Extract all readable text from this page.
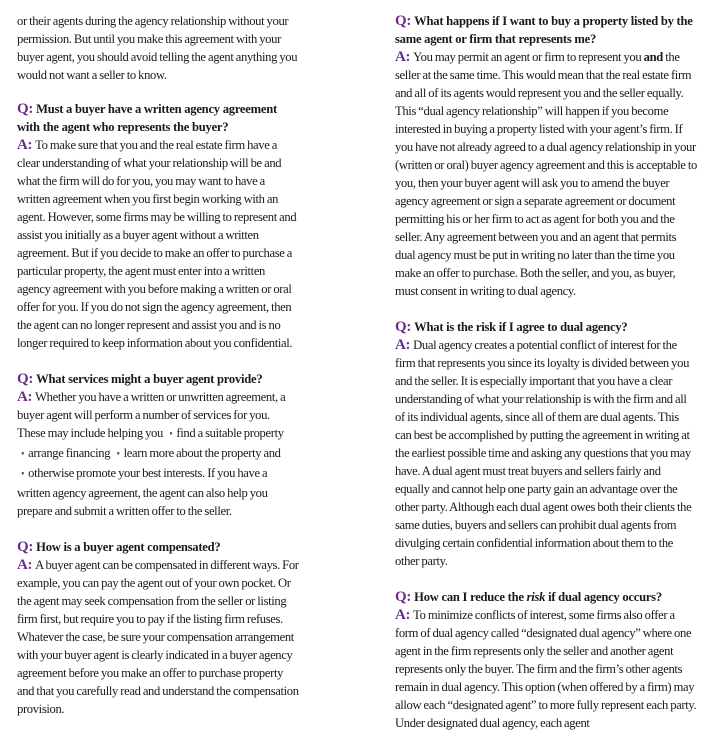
or their agents during the agency relationship without your permission. But until you make this agreement with your buyer agent, you should avoid telling the agent anything you would not want a seller to know.

Q: Must a buyer have a written agency agreement with the agent who represents the buyer?

A: To make sure that you and the real estate firm have a clear understanding of what your relationship will be and what the firm will do for you, you may want to have a written agreement when you first begin working with an agent. However, some firms may be willing to represent and assist you initially as a buyer agent without a written agreement. But if you decide to make an offer to purchase a particular property, the agent must enter into a written agency agreement with you before making a written or oral offer for you. If you do not sign the agency agreement, then the agent can no longer represent and assist you and is no longer required to keep information about you confidential.

Q: What services might a buyer agent provide?

A: Whether you have a written or unwritten agreement, a buyer agent will perform a number of services for you. These may include helping you • find a suitable property • arrange financing • learn more about the property and • otherwise promote your best interests. If you have a written agency agreement, the agent can also help you prepare and submit a written offer to the seller.

Q: How is a buyer agent compensated?

A: A buyer agent can be compensated in different ways. For example, you can pay the agent out of your own pocket. Or the agent may seek compensation from the seller or listing firm first, but require you to pay if the listing firm refuses. Whatever the case, be sure your compensation arrangement with your buyer agent is clearly indicated in a buyer agency agreement before you make an offer to purchase property and that you carefully read and understand the compensation provision.

Q: What happens if I want to buy a property listed by the same agent or firm that represents me?

A: You may permit an agent or firm to represent you and the seller at the same time. This would mean that the real estate firm and all of its agents would represent you and the seller equally. This “dual agency relationship” will happen if you become interested in buying a property listed with your agent’s firm. If you have not already agreed to a dual agency relationship in your (written or oral) buyer agency agreement and this is acceptable to you, then your buyer agent will ask you to amend the buyer agency agreement or sign a separate agreement or document permitting his or her firm to act as agent for both you and the seller. Any agreement between you and an agent that permits dual agency must be put in writing no later than the time you make an offer to purchase. Both the seller, and you, as buyer, must consent in writing to dual agency.

Q: What is the risk if I agree to dual agency?

A: Dual agency creates a potential conflict of interest for the firm that represents you since its loyalty is divided between you and the seller. It is especially important that you have a clear understanding of what your relationship is with the firm and all of its individual agents, since all of them are dual agents. This can best be accomplished by putting the agreement in writing at the earliest possible time and asking any questions that you may have. A dual agent must treat buyers and sellers fairly and equally and cannot help one party gain an advantage over the other party. Although each dual agent owes both their clients the same duties, buyers and sellers can prohibit dual agents from divulging certain confidential information about them to the other party.

Q: How can I reduce the risk if dual agency occurs?

A: To minimize conflicts of interest, some firms also offer a form of dual agency called “designated dual agency” where one agent in the firm represents only the seller and another agent represents only the buyer. The firm and the firm’s other agents remain in dual agency. This option (when offered by a firm) may allow each “designated agent” to more fully represent each party. Under designated dual agency, each agent
